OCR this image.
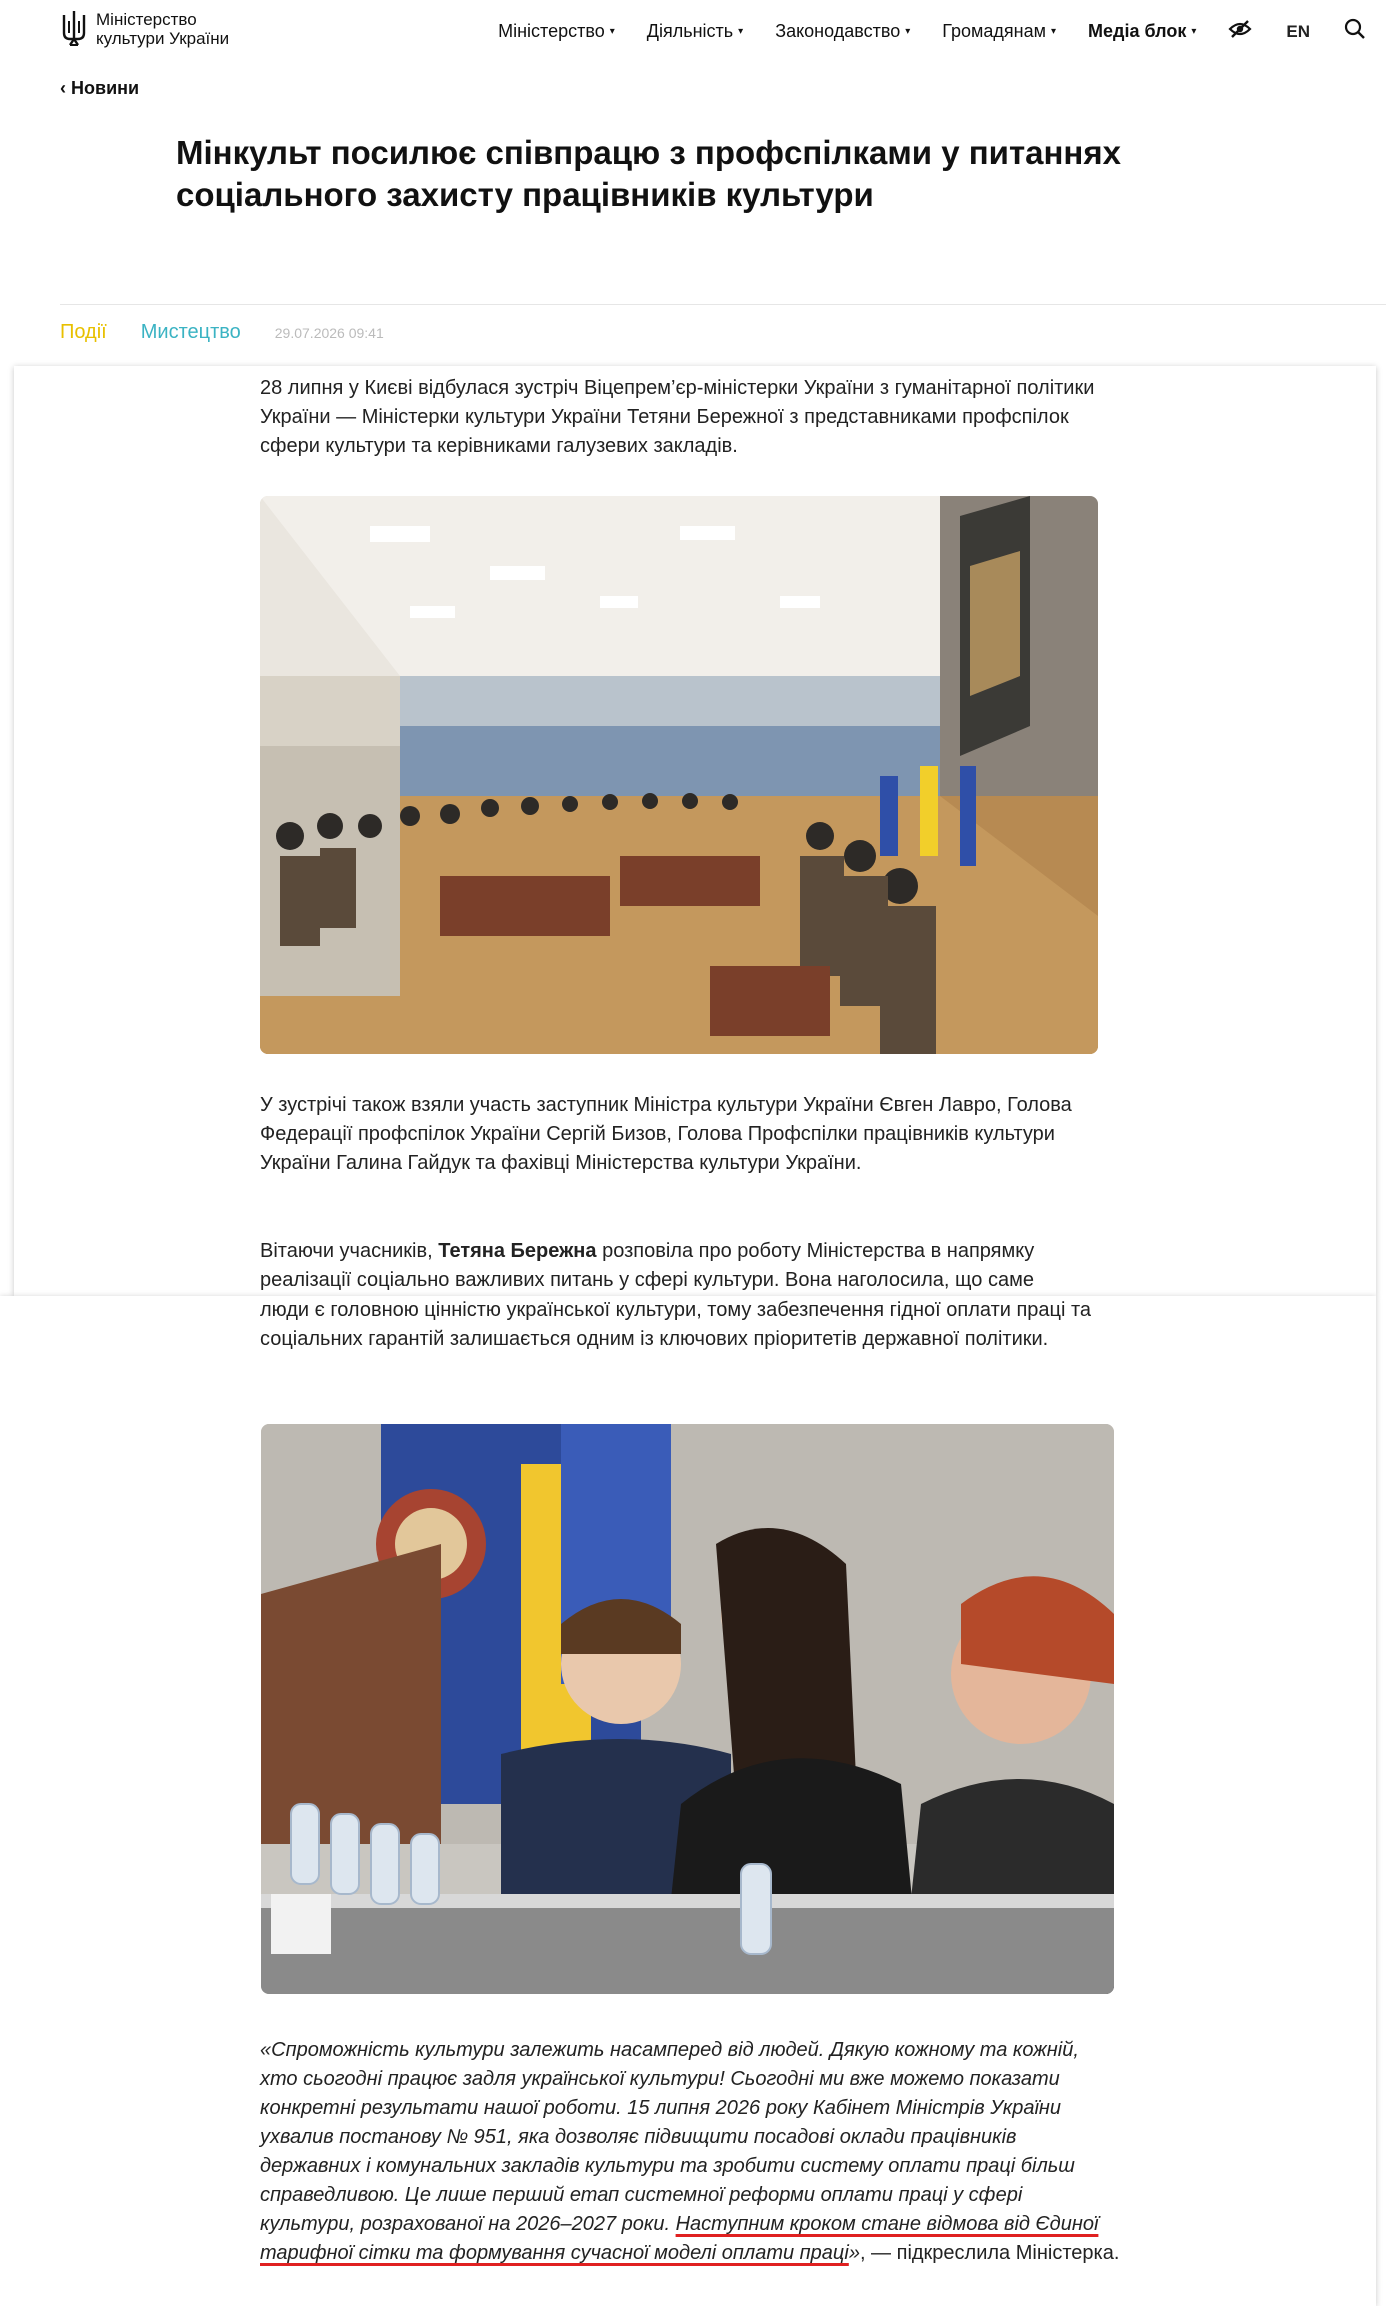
Міністерство
культури України	Міністерство ▾ Діяльність ▾ Законодавство ▾ Громадянам ▾ Медіа блок ▾	EN
‹ Новини
Мінкульт посилює співпрацю з профспілками у питаннях соціального захисту працівників культури
Події Мистецтво 29.07.2026 09:41

28 липня у Києві відбулася зустріч Віцепрем’єр-міністерки України з гуманітарної політики України — Міністерки культури України Тетяни Бережної з представниками профспілок сфери культури та керівниками галузевих закладів.

У зустрічі також взяли участь заступник Міністра культури України Євген Лавро, Голова Федерації профспілок України Сергій Бизов, Голова Профспілки працівників культури України Галина Гайдук та фахівці Міністерства культури України.

Вітаючи учасників, Тетяна Бережна розповіла про роботу Міністерства в напрямку реалізації соціально важливих питань у сфері культури. Вона наголосила, що саме

люди є головною цінністю української культури, тому забезпечення гідної оплати праці та соціальних гарантій залишається одним із ключових пріоритетів державної політики.

«Спроможність культури залежить насамперед від людей. Дякую кожному та кожній, хто сьогодні працює задля української культури! Сьогодні ми вже можемо показати конкретні результати нашої роботи. 15 липня 2026 року Кабінет Міністрів України ухвалив постанову № 951, яка дозволяє підвищити посадові оклади працівників державних і комунальних закладів культури та зробити систему оплати праці більш справедливою. Це лише перший етап системної реформи оплати праці у сфері культури, розрахованої на 2026–2027 роки. Наступним кроком стане відмова від Єдиної тарифної сітки та формування сучасної моделі оплати праці», — підкреслила Міністерка.
